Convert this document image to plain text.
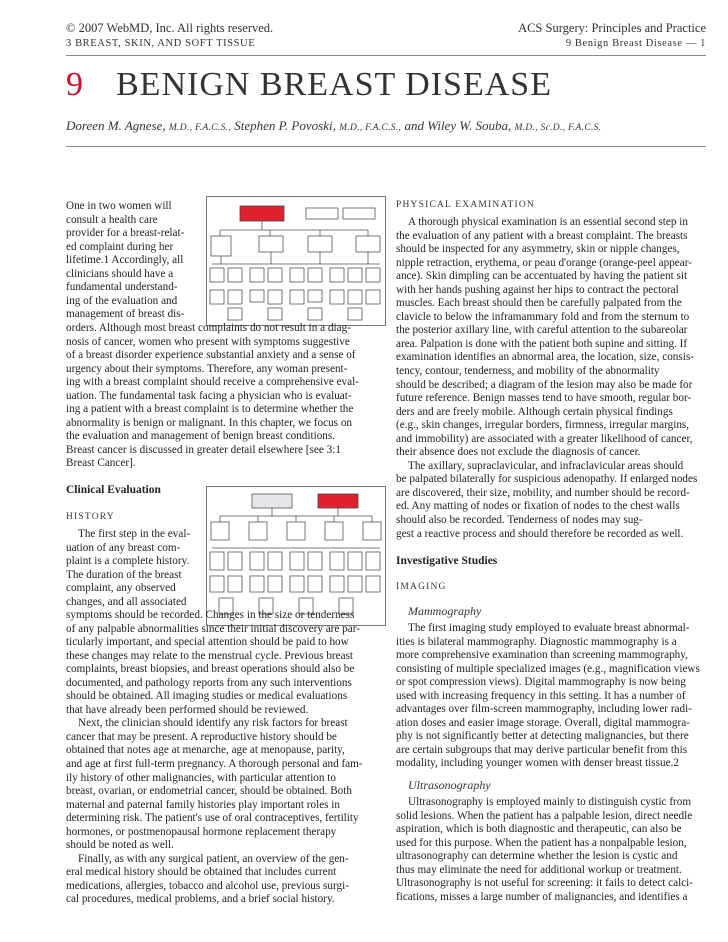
© 2007 WebMD, Inc. All rights reserved.
3 BREAST, SKIN, AND SOFT TISSUE
ACS Surgery: Principles and Practice
9 Benign Breast Disease — 1
9 BENIGN BREAST DISEASE
Doreen M. Agnese, M.D., F.A.C.S., Stephen P. Povoski, M.D., F.A.C.S., and Wiley W. Souba, M.D., Sc.D., F.A.C.S.

One in two women will

consult a health care

provider for a breast-relat-

ed complaint during her

lifetime.1 Accordingly, all

clinicians should have a

fundamental understand-

ing of the evaluation and

management of breast dis-

orders. Although most breast complaints do not result in a diag-

nosis of cancer, women who present with symptoms suggestive

of a breast disorder experience substantial anxiety and a sense of

urgency about their symptoms. Therefore, any woman present-

ing with a breast complaint should receive a comprehensive eval-

uation. The fundamental task facing a physician who is evaluat-

ing a patient with a breast complaint is to determine whether the

abnormality is benign or malignant. In this chapter, we focus on

the evaluation and management of benign breast conditions.

Breast cancer is discussed in greater detail elsewhere [see 3:1

Breast Cancer].

Clinical Evaluation
HISTORY

The first step in the eval-

uation of any breast com-

plaint is a complete history.

The duration of the breast

complaint, any observed

changes, and all associated

symptoms should be recorded. Changes in the size or tenderness

of any palpable abnormalities since their initial discovery are par-

ticularly important, and special attention should be paid to how

these changes may relate to the menstrual cycle. Previous breast

complaints, breast biopsies, and breast operations should also be

documented, and pathology reports from any such interventions

should be obtained. All imaging studies or medical evaluations

that have already been performed should be reviewed.

Next, the clinician should identify any risk factors for breast

cancer that may be present. A reproductive history should be

obtained that notes age at menarche, age at menopause, parity,

and age at first full-term pregnancy. A thorough personal and fam-

ily history of other malignancies, with particular attention to

breast, ovarian, or endometrial cancer, should be obtained. Both

maternal and paternal family histories play important roles in

determining risk. The patient's use of oral contraceptives, fertility

hormones, or postmenopausal hormone replacement therapy

should be noted as well.

Finally, as with any surgical patient, an overview of the gen-

eral medical history should be obtained that includes current

medications, allergies, tobacco and alcohol use, previous surgi-

cal procedures, medical problems, and a brief social history.

PHYSICAL EXAMINATION

A thorough physical examination is an essential second step in

the evaluation of any patient with a breast complaint. The breasts

should be inspected for any asymmetry, skin or nipple changes,

nipple retraction, erythema, or peau d'orange (orange-peel appear-

ance). Skin dimpling can be accentuated by having the patient sit

with her hands pushing against her hips to contract the pectoral

muscles. Each breast should then be carefully palpated from the

clavicle to below the inframammary fold and from the sternum to

the posterior axillary line, with careful attention to the subareolar

area. Palpation is done with the patient both supine and sitting. If

examination identifies an abnormal area, the location, size, consis-

tency, contour, tenderness, and mobility of the abnormality

should be described; a diagram of the lesion may also be made for

future reference. Benign masses tend to have smooth, regular bor-

ders and are freely mobile. Although certain physical findings

(e.g., skin changes, irregular borders, firmness, irregular margins,

and immobility) are associated with a greater likelihood of cancer,

their absence does not exclude the diagnosis of cancer.

The axillary, supraclavicular, and infraclavicular areas should

be palpated bilaterally for suspicious adenopathy. If enlarged nodes

are discovered, their size, mobility, and number should be record-

ed. Any matting of nodes or fixation of nodes to the chest walls

should also be recorded. Tenderness of nodes may sug-

gest a reactive process and should therefore be recorded as well.

Investigative Studies
IMAGING
Mammography

The first imaging study employed to evaluate breast abnormal-

ities is bilateral mammography. Diagnostic mammography is a

more comprehensive examination than screening mammography,

consisting of multiple specialized images (e.g., magnification views

or spot compression views). Digital mammography is now being

used with increasing frequency in this setting. It has a number of

advantages over film-screen mammography, including lower radi-

ation doses and easier image storage. Overall, digital mammogra-

phy is not significantly better at detecting malignancies, but there

are certain subgroups that may derive particular benefit from this

modality, including younger women with denser breast tissue.2

Ultrasonography

Ultrasonography is employed mainly to distinguish cystic from

solid lesions. When the patient has a palpable lesion, direct needle

aspiration, which is both diagnostic and therapeutic, can also be

used for this purpose. When the patient has a nonpalpable lesion,

ultrasonography can determine whether the lesion is cystic and

thus may eliminate the need for additional workup or treatment.

Ultrasonography is not useful for screening: it fails to detect calci-

fications, misses a large number of malignancies, and identifies a
